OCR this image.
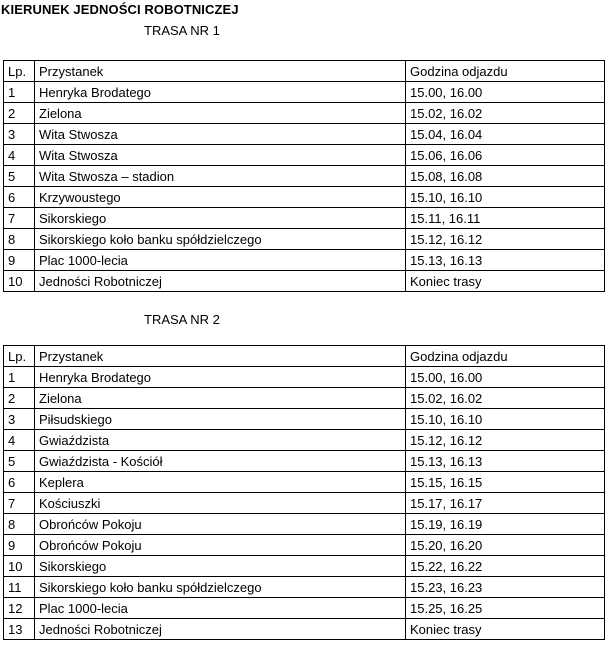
KIERUNEK JEDNOŚCI ROBOTNICZEJ
TRASA NR 1
Lp.	Przystanek	Godzina odjazdu
1	Henryka Brodatego	15.00, 16.00
2	Zielona	15.02, 16.02
3	Wita Stwosza	15.04, 16.04
4	Wita Stwosza	15.06, 16.06
5	Wita Stwosza – stadion	15.08, 16.08
6	Krzywoustego	15.10, 16.10
7	Sikorskiego	15.11, 16.11
8	Sikorskiego koło banku spółdzielczego	15.12, 16.12
9	Plac 1000-lecia	15.13, 16.13
10	Jedności Robotniczej	Koniec trasy
TRASA NR 2
Lp.	Przystanek	Godzina odjazdu
1	Henryka Brodatego	15.00, 16.00
2	Zielona	15.02, 16.02
3	Piłsudskiego	15.10, 16.10
4	Gwiaździsta	15.12, 16.12
5	Gwiaździsta - Kościół	15.13, 16.13
6	Keplera	15.15, 16.15
7	Kościuszki	15.17, 16.17
8	Obrońców Pokoju	15.19, 16.19
9	Obrońców Pokoju	15.20, 16.20
10	Sikorskiego	15.22, 16.22
11	Sikorskiego koło banku spółdzielczego	15.23, 16.23
12	Plac 1000-lecia	15.25, 16.25
13	Jedności Robotniczej	Koniec trasy
